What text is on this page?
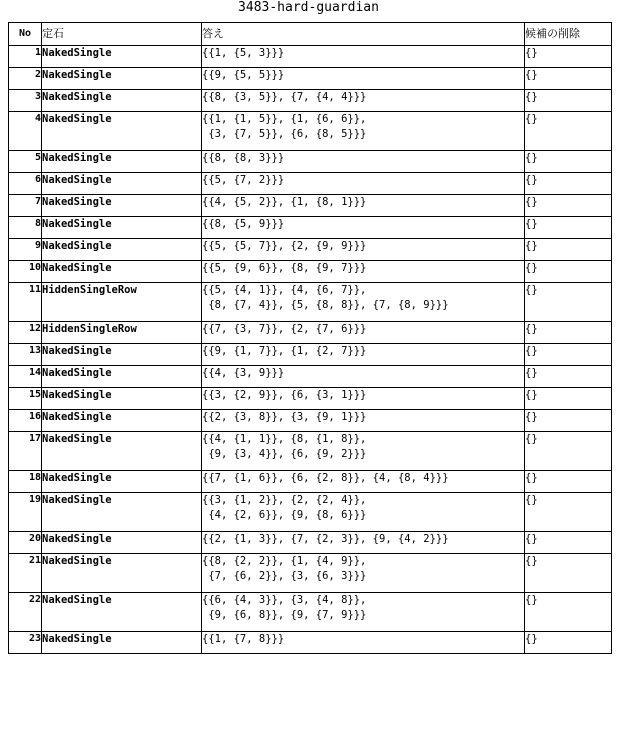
3483-hard-guardian
No	定石	答え	候補の削除
1	NakedSingle	{{1, {5, 3}}}	{}
2	NakedSingle	{{9, {5, 5}}}	{}
3	NakedSingle	{{8, {3, 5}}, {7, {4, 4}}}	{}
4	NakedSingle	{{1, {1, 5}}, {1, {6, 6}},
{3, {7, 5}}, {6, {8, 5}}}	{}
5	NakedSingle	{{8, {8, 3}}}	{}
6	NakedSingle	{{5, {7, 2}}}	{}
7	NakedSingle	{{4, {5, 2}}, {1, {8, 1}}}	{}
8	NakedSingle	{{8, {5, 9}}}	{}
9	NakedSingle	{{5, {5, 7}}, {2, {9, 9}}}	{}
10	NakedSingle	{{5, {9, 6}}, {8, {9, 7}}}	{}
11	HiddenSingleRow	{{5, {4, 1}}, {4, {6, 7}},
{8, {7, 4}}, {5, {8, 8}}, {7, {8, 9}}}	{}
12	HiddenSingleRow	{{7, {3, 7}}, {2, {7, 6}}}	{}
13	NakedSingle	{{9, {1, 7}}, {1, {2, 7}}}	{}
14	NakedSingle	{{4, {3, 9}}}	{}
15	NakedSingle	{{3, {2, 9}}, {6, {3, 1}}}	{}
16	NakedSingle	{{2, {3, 8}}, {3, {9, 1}}}	{}
17	NakedSingle	{{4, {1, 1}}, {8, {1, 8}},
{9, {3, 4}}, {6, {9, 2}}}	{}
18	NakedSingle	{{7, {1, 6}}, {6, {2, 8}}, {4, {8, 4}}}	{}
19	NakedSingle	{{3, {1, 2}}, {2, {2, 4}},
{4, {2, 6}}, {9, {8, 6}}}	{}
20	NakedSingle	{{2, {1, 3}}, {7, {2, 3}}, {9, {4, 2}}}	{}
21	NakedSingle	{{8, {2, 2}}, {1, {4, 9}},
{7, {6, 2}}, {3, {6, 3}}}	{}
22	NakedSingle	{{6, {4, 3}}, {3, {4, 8}},
{9, {6, 8}}, {9, {7, 9}}}	{}
23	NakedSingle	{{1, {7, 8}}}	{}
